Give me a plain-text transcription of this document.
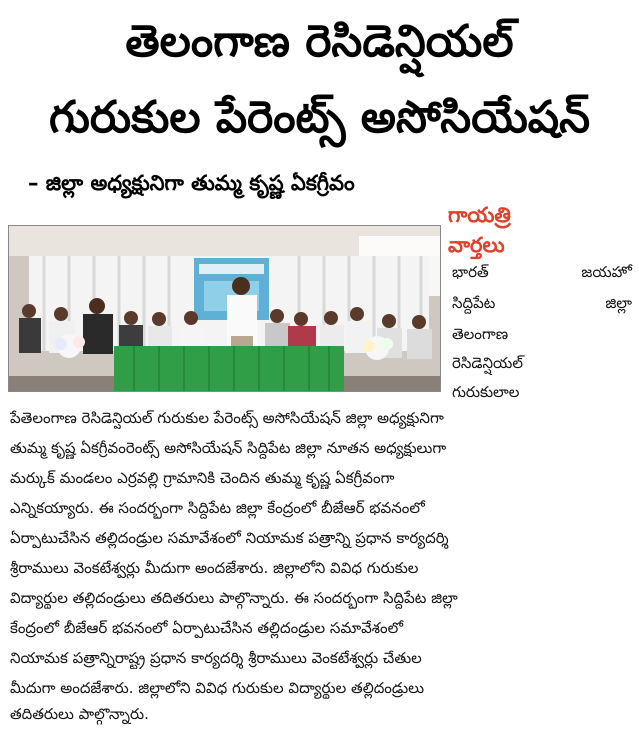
తెలంగాణ రెసిడెన్షియల్
గురుకుల పేరెంట్స్ అసోసియేషన్
– జిల్లా అధ్యక్షునిగా తుమ్మ కృష్ణ ఏకగ్రీవం
గాయత్రి
వార్తలు
భారత్	జయహో
సిద్దిపేట	జిల్లా
తెలంగాణ
రెసిడెన్షియల్
గురుకులాల
పేతెలంగాణ రెసిడెన్షియల్ గురుకుల పేరెంట్స్ అసోసియేషన్ జిల్లా అధ్యక్షునిగా
తుమ్మ కృష్ణ ఏకగ్రీవంరెంట్స్ అసోసియేషన్ సిద్దిపేట జిల్లా నూతన అధ్యక్షులుగా
మర్కుక్ మండలం ఎర్రవల్లి గ్రామానికి చెందిన తుమ్మ కృష్ణ ఏకగ్రీవంగా
ఎన్నికయ్యారు. ఈ సందర్భంగా సిద్దిపేట జిల్లా కేంద్రంలో బీజేఆర్ భవనంలో
ఏర్పాటుచేసిన తల్లిదండ్రుల సమావేశంలో నియామక పత్రాన్ని ప్రధాన కార్యదర్శి
శ్రీరాములు వెంకటేశ్వర్లు మీదుగా అందజేశారు. జిల్లాలోని వివిధ గురుకుల
విద్యార్థుల తల్లిదండ్రులు తదితరులు పాల్గొన్నారు. ఈ సందర్భంగా సిద్దిపేట జిల్లా
కేంద్రంలో బీజేఆర్ భవనంలో ఏర్పాటుచేసిన తల్లిదండ్రుల సమావేశంలో
నియామక పత్రాన్నిరాష్ట్ర ప్రధాన కార్యదర్శి శ్రీరాములు వెంకటేశ్వర్లు చేతుల
మీదుగా అందజేశారు. జిల్లాలోని వివిధ గురుకుల విద్యార్థుల తల్లిదండ్రులు
తదితరులు పాల్గొన్నారు.
